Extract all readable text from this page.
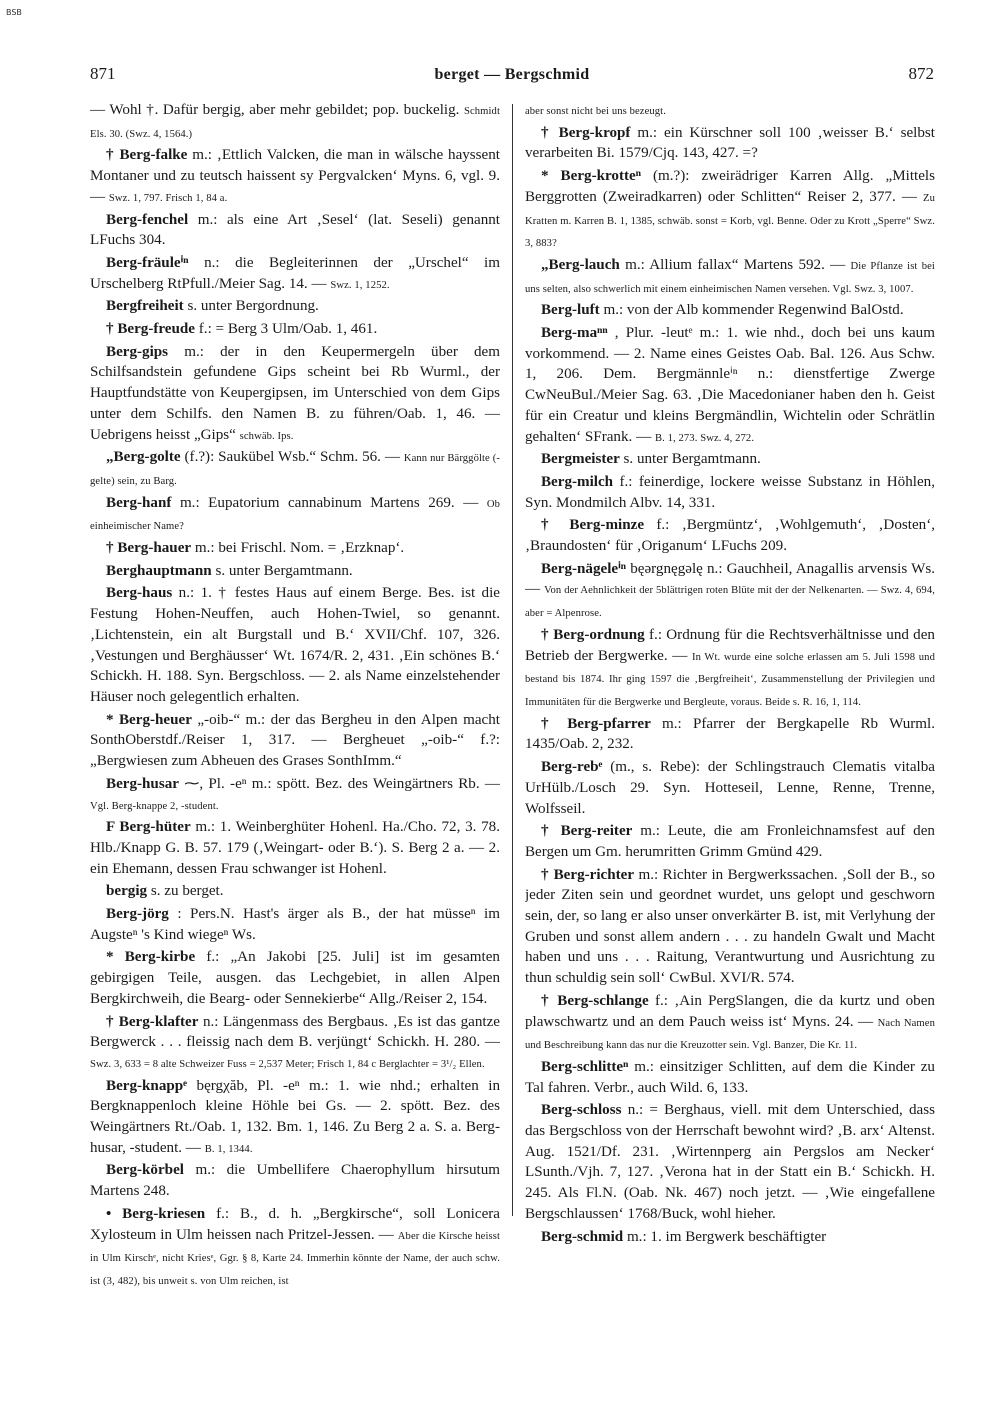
BSB
871	berget — Bergschmid	872

— Wohl †. Dafür bergig, aber mehr gebildet; pop. buckelig. Schmidt Els. 30. (Swz. 4, 1564.)

† Berg-falke m.: ‚Ettlich Valcken, die man in wälsche hayssent Montaner und zu teutsch haissent sy Pergvalcken‘ Myns. 6, vgl. 9. — Swz. 1, 797. Frisch 1, 84 a.

Berg-fenchel m.: als eine Art ‚Sesel‘ (lat. Seseli) genannt LFuchs 304.

Berg-fräuleⁱⁿ n.: die Begleiterinnen der „Urschel“ im Urschelberg RtPfull./Meier Sag. 14. — Swz. 1, 1252.

Bergfreiheit s. unter Bergordnung.

† Berg-freude f.: = Berg 3 Ulm/Oab. 1, 461.

Berg-gips m.: der in den Keupermergeln über dem Schilfsandstein gefundene Gips scheint bei Rb Wurml., der Hauptfundstätte von Keupergipsen, im Unterschied von dem Gips unter dem Schilfs. den Namen B. zu führen/Oab. 1, 46. — Uebrigens heisst „Gips“ schwäb. Ips.

„Berg-golte (f.?): Saukübel Wsb.“ Schm. 56. — Kann nur Bärggölte (-gelte) sein, zu Barg.

Berg-hanf m.: Eupatorium cannabinum Martens 269. — Ob einheimischer Name?

† Berg-hauer m.: bei Frischl. Nom. = ‚Erzknap‘.

Berghauptmann s. unter Bergamtmann.

Berg-haus n.: 1. † festes Haus auf einem Berge. Bes. ist die Festung Hohen-Neuffen, auch Hohen-Twiel, so genannt. ‚Lichtenstein, ein alt Burgstall und B.‘ XVII/Chf. 107, 326. ‚Vestungen und Berghäusser‘ Wt. 1674/R. 2, 431. ‚Ein schönes B.‘ Schickh. H. 188. Syn. Bergschloss. — 2. als Name einzelstehender Häuser noch gelegentlich erhalten.

* Berg-heuer „-oib-“ m.: der das Bergheu in den Alpen macht SonthOberstdf./Reiser 1, 317. — Bergheuet „-oib-“ f.?: „Bergwiesen zum Abheuen des Grases SonthImm.“

Berg-husar ⁓, Pl. -eⁿ m.: spött. Bez. des Weingärtners Rb. — Vgl. Berg-knappe 2, -student.

F Berg-hüter m.: 1. Weinberghüter Hohenl. Ha./Cho. 72, 3. 78. Hlb./Knapp G. B. 57. 179 (‚Weingart- oder B.‘). S. Berg 2 a. — 2. ein Ehemann, dessen Frau schwanger ist Hohenl.

bergig s. zu berget.

Berg-jörg : Pers.N. Hast's ärger als B., der hat müsseⁿ im Augsteⁿ 's Kind wiegeⁿ Ws.

* Berg-kirbe f.: „An Jakobi [25. Juli] ist im gesamten gebirgigen Teile, ausgen. das Lechgebiet, in allen Alpen Bergkirchweih, die Bearg- oder Sennekierbe“ Allg./Reiser 2, 154.

† Berg-klafter n.: Längenmass des Bergbaus. ‚Es ist das gantze Bergwerck . . . fleissig nach dem B. verjüngt‘ Schickh. H. 280. — Swz. 3, 633 = 8 alte Schweizer Fuss = 2,537 Meter; Frisch 1, 84 c Berglachter = 3¹/₂ Ellen.

Berg-knappᵉ bęrgχăb, Pl. -eⁿ m.: 1. wie nhd.; erhalten in Bergknappenloch kleine Höhle bei Gs. — 2. spött. Bez. des Weingärtners Rt./Oab. 1, 132. Bm. 1, 146. Zu Berg 2 a. S. a. Berg-husar, -student. — B. 1, 1344.

Berg-körbel m.: die Umbellifere Chaerophyllum hirsutum Martens 248.

• Berg-kriesen f.: B., d. h. „Bergkirsche“, soll Lonicera Xylosteum in Ulm heissen nach Pritzel-Jessen. — Aber die Kirsche heisst in Ulm Kirschᵉ, nicht Kriesᵉ, Ggr. § 8, Karte 24. Immerhin könnte der Name, der auch schw. ist (3, 482), bis unweit s. von Ulm reichen, ist

aber sonst nicht bei uns bezeugt.

† Berg-kropf m.: ein Kürschner soll 100 ‚weisser B.‘ selbst verarbeiten Bi. 1579/Cjq. 143, 427. =?

* Berg-krotteⁿ (m.?): zweirädriger Karren Allg. „Mittels Berggrotten (Zweiradkarren) oder Schlitten“ Reiser 2, 377. — Zu Kratten m. Karren B. 1, 1385, schwäb. sonst = Korb, vgl. Benne. Oder zu Krott „Sperre“ Swz. 3, 883?

„Berg-lauch m.: Allium fallax“ Martens 592. — Die Pflanze ist bei uns selten, also schwerlich mit einem einheimischen Namen versehen. Vgl. Swz. 3, 1007.

Berg-luft m.: von der Alb kommender Regenwind BalOstd.

Berg-maⁿⁿ , Plur. -leutᵉ m.: 1. wie nhd., doch bei uns kaum vorkommend. — 2. Name eines Geistes Oab. Bal. 126. Aus Schw. 1, 206. Dem. Bergmännleⁱⁿ n.: dienstfertige Zwerge CwNeuBul./Meier Sag. 63. ‚Die Macedonianer haben den h. Geist für ein Creatur und kleins Bergmändlin, Wichtelin oder Schrätlin gehalten‘ SFrank. — B. 1, 273. Swz. 4, 272.

Bergmeister s. unter Bergamtmann.

Berg-milch f.: feinerdige, lockere weisse Substanz in Höhlen, Syn. Mondmilch Albv. 14, 331.

† Berg-minze f.: ‚Bergmüntz‘, ‚Wohlgemuth‘, ‚Dosten‘, ‚Braundosten‘ für ‚Origanum‘ LFuchs 209.

Berg-nägeleⁱⁿ bęərgnęgəlę n.: Gauchheil, Anagallis arvensis Ws. — Von der Aehnlichkeit der 5blättrigen roten Blüte mit der der Nelkenarten. — Swz. 4, 694, aber = Alpenrose.

† Berg-ordnung f.: Ordnung für die Rechtsverhältnisse und den Betrieb der Bergwerke. — In Wt. wurde eine solche erlassen am 5. Juli 1598 und bestand bis 1874. Ihr ging 1597 die ‚Bergfreiheit‘, Zusammenstellung der Privilegien und Immunitäten für die Bergwerke und Bergleute, voraus. Beide s. R. 16, 1, 114.

† Berg-pfarrer m.: Pfarrer der Bergkapelle Rb Wurml. 1435/Oab. 2, 232.

Berg-rebᵉ (m., s. Rebe): der Schlingstrauch Clematis vitalba UrHülb./Losch 29. Syn. Hotteseil, Lenne, Renne, Trenne, Wolfsseil.

† Berg-reiter m.: Leute, die am Fronleichnamsfest auf den Bergen um Gm. herumritten Grimm Gmünd 429.

† Berg-richter m.: Richter in Bergwerkssachen. ‚Soll der B., so jeder Ziten sein und geordnet wurdet, uns gelopt und geschworn sein, der, so lang er also unser onverkärter B. ist, mit Verlyhung der Gruben und sonst allem andern . . . zu handeln Gwalt und Macht haben und uns . . . Raitung, Verantwurtung und Ausrichtung zu thun schuldig sein soll‘ CwBul. XVI/R. 574.

† Berg-schlange f.: ‚Ain PergSlangen, die da kurtz und oben plawschwartz und an dem Pauch weiss ist‘ Myns. 24. — Nach Namen und Beschreibung kann das nur die Kreuzotter sein. Vgl. Banzer, Die Kr. 11.

Berg-schlitteⁿ m.: einsitziger Schlitten, auf dem die Kinder zu Tal fahren. Verbr., auch Wild. 6, 133.

Berg-schloss n.: = Berghaus, viell. mit dem Unterschied, dass das Bergschloss von der Herrschaft bewohnt wird? ‚B. arx‘ Altenst. Aug. 1521/Df. 231. ‚Wirtennperg ain Pergslos am Necker‘ LSunth./Vjh. 7, 127. ‚Verona hat in der Statt ein B.‘ Schickh. H. 245. Als Fl.N. (Oab. Nk. 467) noch jetzt. — ‚Wie eingefallene Bergschlaussen‘ 1768/Buck, wohl hieher.

Berg-schmid m.: 1. im Bergwerk beschäftigter
